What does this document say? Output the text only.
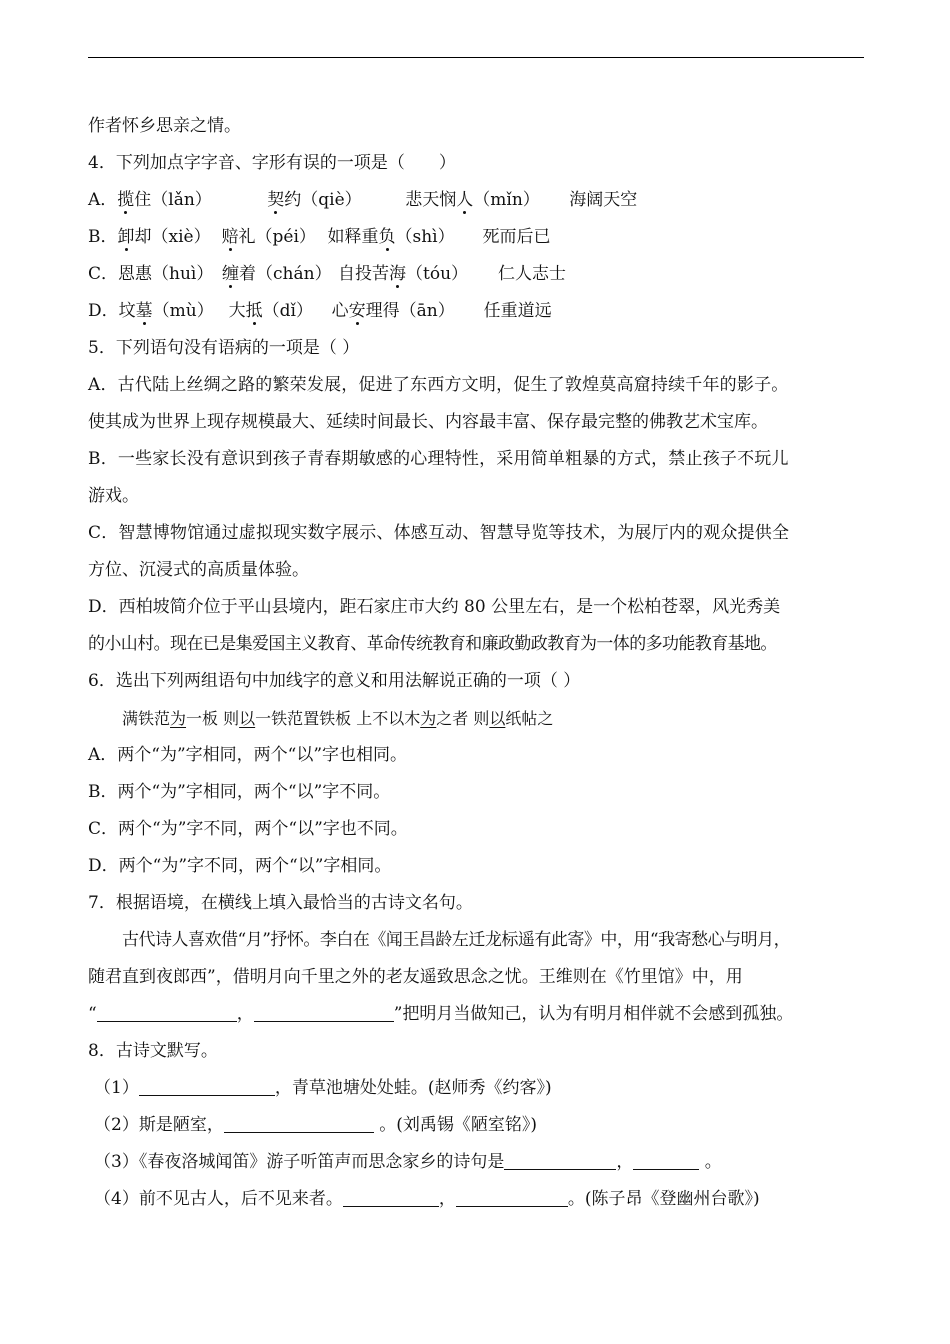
作者怀乡思亲之情。
4．下列加点字字音、字形有误的一项是（　　）
A．揽住（lǎn）	契约（qiè）	悲天悯人（mǐn） 海阔天空
B．卸却（xiè） 赔礼（péi） 如释重负（shì） 死而后已
C．恩惠（huì） 缠着（chán） 自投苦海（tóu） 仁人志士
D．坟墓（mù） 大抵（dǐ） 心安理得（ān） 任重道远
5．下列语句没有语病的一项是（ ）
A．古代陆上丝绸之路的繁荣发展，促进了东西方文明，促生了敦煌莫高窟持续千年的影子。
使其成为世界上现存规模最大、延续时间最长、内容最丰富、保存最完整的佛教艺术宝库。
B．一些家长没有意识到孩子青春期敏感的心理特性，采用简单粗暴的方式，禁止孩子不玩儿
游戏。
C．智慧博物馆通过虚拟现实数字展示、体感互动、智慧导览等技术，为展厅内的观众提供全
方位、沉浸式的高质量体验。
D．西柏坡简介位于平山县境内，距石家庄市大约 80 公里左右，是一个松柏苍翠，风光秀美
的小山村。现在已是集爱国主义教育、革命传统教育和廉政勤政教育为一体的多功能教育基地。
6．选出下列两组语句中加线字的意义和用法解说正确的一项（ ）
满铁范为一板 则以一铁范置铁板 上不以木为之者 则以纸帖之
A．两个“为”字相同，两个“以”字也相同。
B．两个“为”字相同，两个“以”字不同。
C．两个“为”字不同，两个“以”字也不同。
D．两个“为”字不同，两个“以”字相同。
7．根据语境，在横线上填入最恰当的古诗文名句。
古代诗人喜欢借“月”抒怀。李白在《闻王昌龄左迁龙标遥有此寄》中，用“我寄愁心与明月，
随君直到夜郎西”，借明月向千里之外的老友遥致思念之忧。王维则在《竹里馆》中，用
“	，	”把明月当做知己，认为有明月相伴就不会感到孤独。
8．古诗文默写。
（1）	，青草池塘处处蛙。(赵师秀《约客》)
（2）斯是陋室，	。(刘禹锡《陋室铭》)
（3）《春夜洛城闻笛》游子听笛声而思念家乡的诗句是	，	。
（4）前不见古人，后不见来者。	，	。(陈子昂《登幽州台歌》)
